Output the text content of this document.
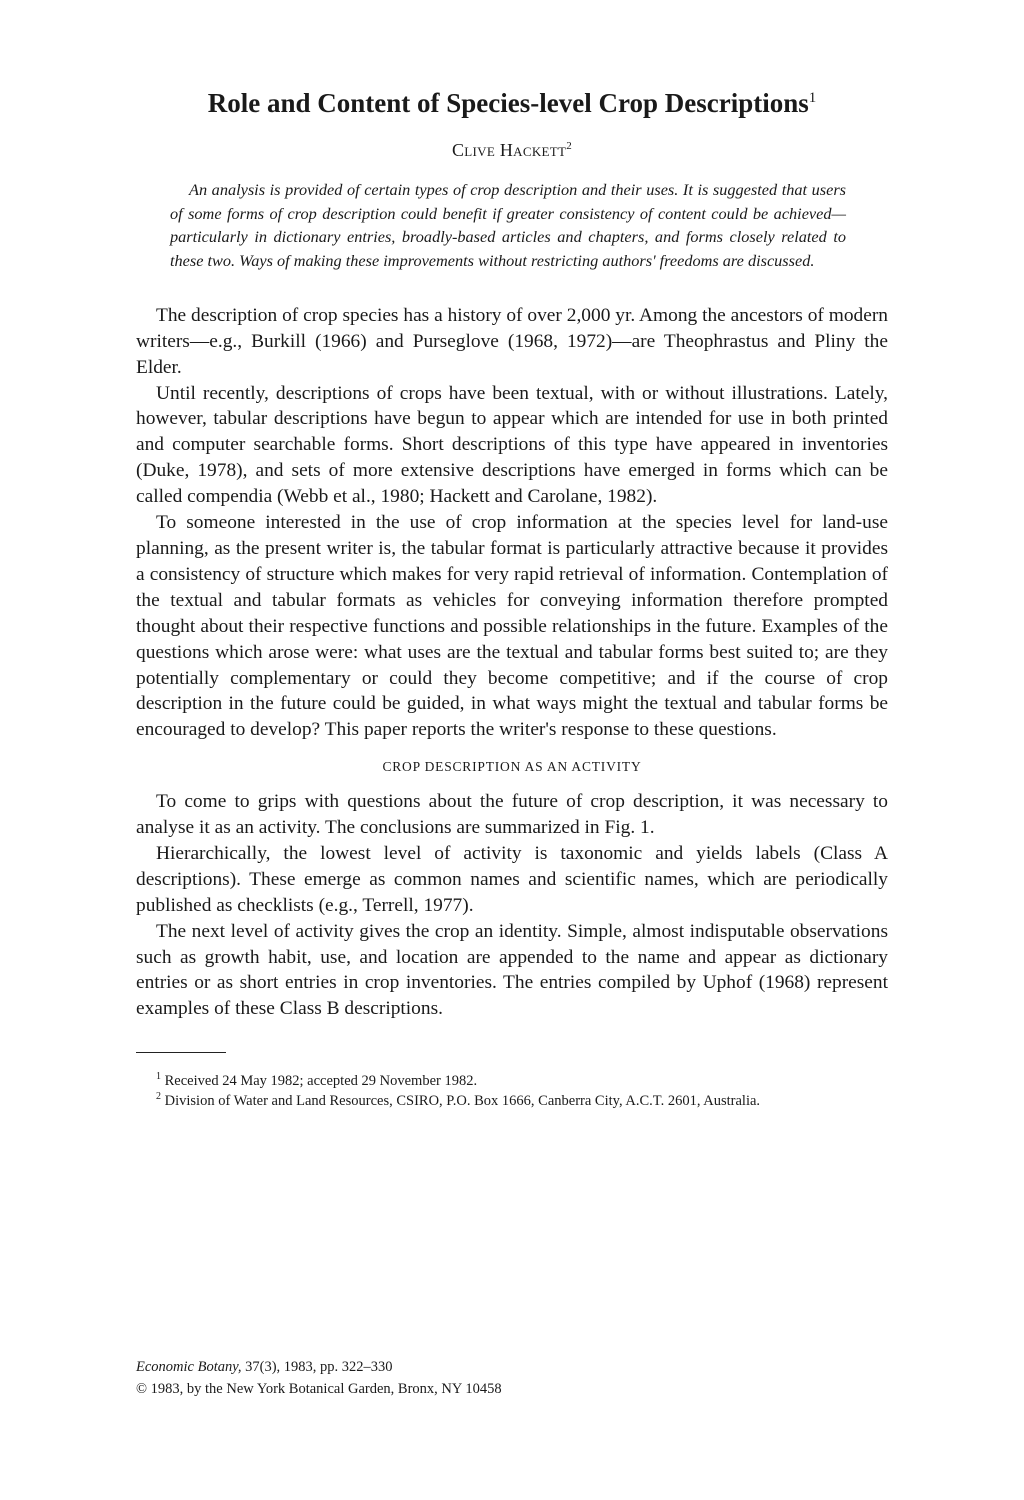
Role and Content of Species-level Crop Descriptions$^1$
Clive Hackett$^2$
An analysis is provided of certain types of crop description and their uses. It is suggested that users of some forms of crop description could benefit if greater consistency of content could be achieved—particularly in dictionary entries, broadly-based articles and chapters, and forms closely related to these two. Ways of making these improvements without restricting authors' freedoms are discussed.

The description of crop species has a history of over 2,000 yr. Among the ancestors of modern writers—e.g., Burkill (1966) and Purseglove (1968, 1972)—are Theophrastus and Pliny the Elder.

Until recently, descriptions of crops have been textual, with or without illustrations. Lately, however, tabular descriptions have begun to appear which are intended for use in both printed and computer searchable forms. Short descriptions of this type have appeared in inventories (Duke, 1978), and sets of more extensive descriptions have emerged in forms which can be called compendia (Webb et al., 1980; Hackett and Carolane, 1982).

To someone interested in the use of crop information at the species level for land-use planning, as the present writer is, the tabular format is particularly attractive because it provides a consistency of structure which makes for very rapid retrieval of information. Contemplation of the textual and tabular formats as vehicles for conveying information therefore prompted thought about their respective functions and possible relationships in the future. Examples of the questions which arose were: what uses are the textual and tabular forms best suited to; are they potentially complementary or could they become competitive; and if the course of crop description in the future could be guided, in what ways might the textual and tabular forms be encouraged to develop? This paper reports the writer's response to these questions.

CROP DESCRIPTION AS AN ACTIVITY

To come to grips with questions about the future of crop description, it was necessary to analyse it as an activity. The conclusions are summarized in Fig. 1.

Hierarchically, the lowest level of activity is taxonomic and yields labels (Class A descriptions). These emerge as common names and scientific names, which are periodically published as checklists (e.g., Terrell, 1977).

The next level of activity gives the crop an identity. Simple, almost indisputable observations such as growth habit, use, and location are appended to the name and appear as dictionary entries or as short entries in crop inventories. The entries compiled by Uphof (1968) represent examples of these Class B descriptions.

$^1$ Received 24 May 1982; accepted 29 November 1982.

$^2$ Division of Water and Land Resources, CSIRO, P.O. Box 1666, Canberra City, A.C.T. 2601, Australia.

Economic Botany, 37(3), 1983, pp. 322–330
© 1983, by the New York Botanical Garden, Bronx, NY 10458
